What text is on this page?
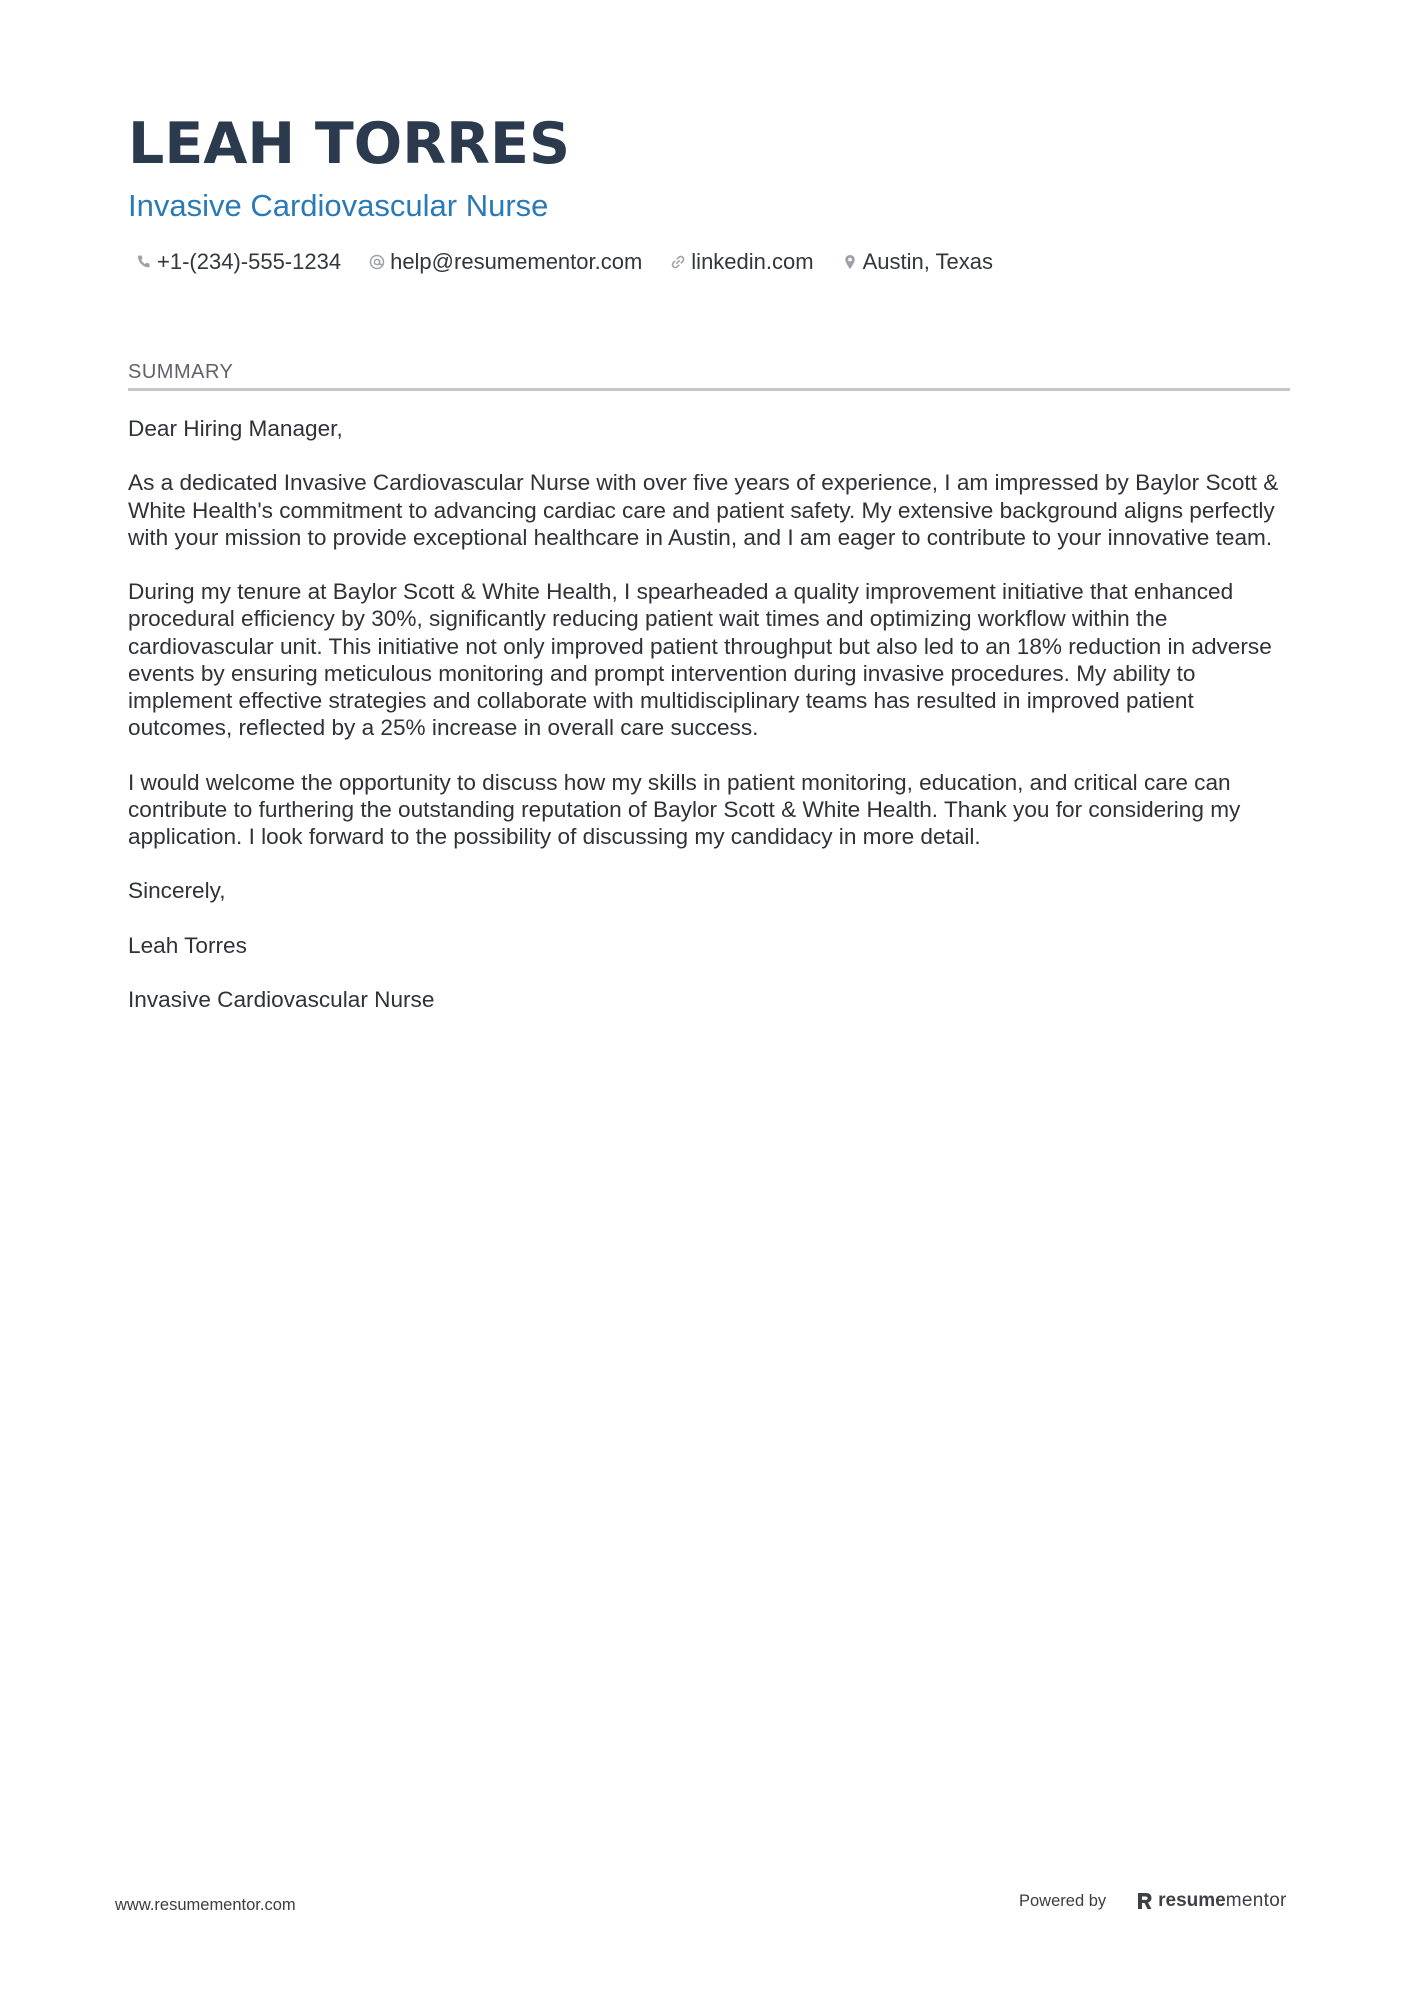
LEAH TORRES
Invasive Cardiovascular Nurse
+1-(234)-555-1234 help@resumementor.com linkedin.com Austin, Texas
SUMMARY

Dear Hiring Manager,

As a dedicated Invasive Cardiovascular Nurse with over five years of experience, I am impressed by Baylor Scott & White Health's commitment to advancing cardiac care and patient safety. My extensive background aligns perfectly with your mission to provide exceptional healthcare in Austin, and I am eager to contribute to your innovative team.

During my tenure at Baylor Scott & White Health, I spearheaded a quality improvement initiative that enhanced procedural efficiency by 30%, significantly reducing patient wait times and optimizing workflow within the cardiovascular unit. This initiative not only improved patient throughput but also led to an 18% reduction in adverse events by ensuring meticulous monitoring and prompt intervention during invasive procedures. My ability to implement effective strategies and collaborate with multidisciplinary teams has resulted in improved patient outcomes, reflected by a 25% increase in overall care success.

I would welcome the opportunity to discuss how my skills in patient monitoring, education, and critical care can contribute to furthering the outstanding reputation of Baylor Scott & White Health. Thank you for considering my application. I look forward to the possibility of discussing my candidacy in more detail.

Sincerely,

Leah Torres

Invasive Cardiovascular Nurse

www.resumementor.com	Powered by	resumementor
